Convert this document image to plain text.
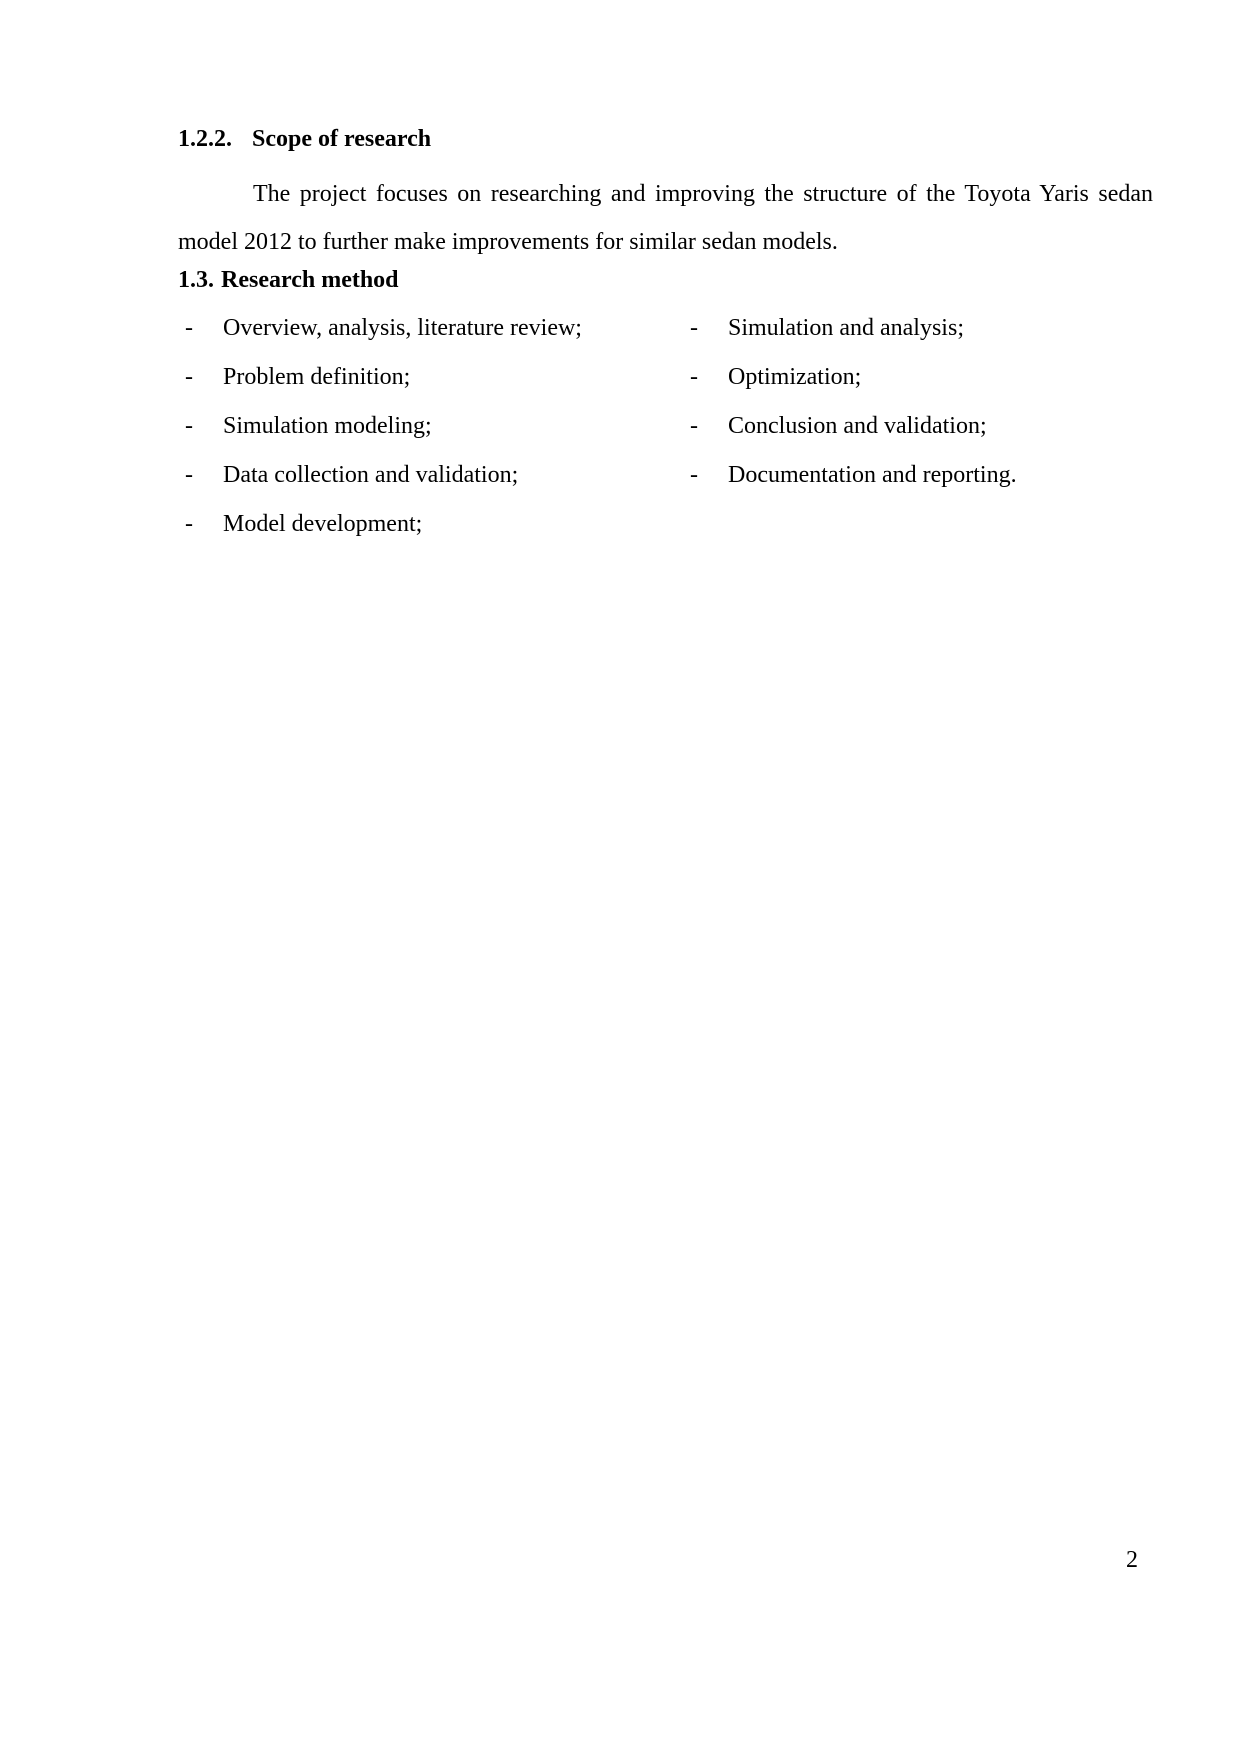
1.2.2. Scope of research

The project focuses on researching and improving the structure of the Toyota Yaris sedan model 2012 to further make improvements for similar sedan models.

1.3. Research method
- Overview, analysis, literature review;
- Problem definition;
- Simulation modeling;
- Data collection and validation;
- Model development;
- Simulation and analysis;
- Optimization;
- Conclusion and validation;
- Documentation and reporting.

2
